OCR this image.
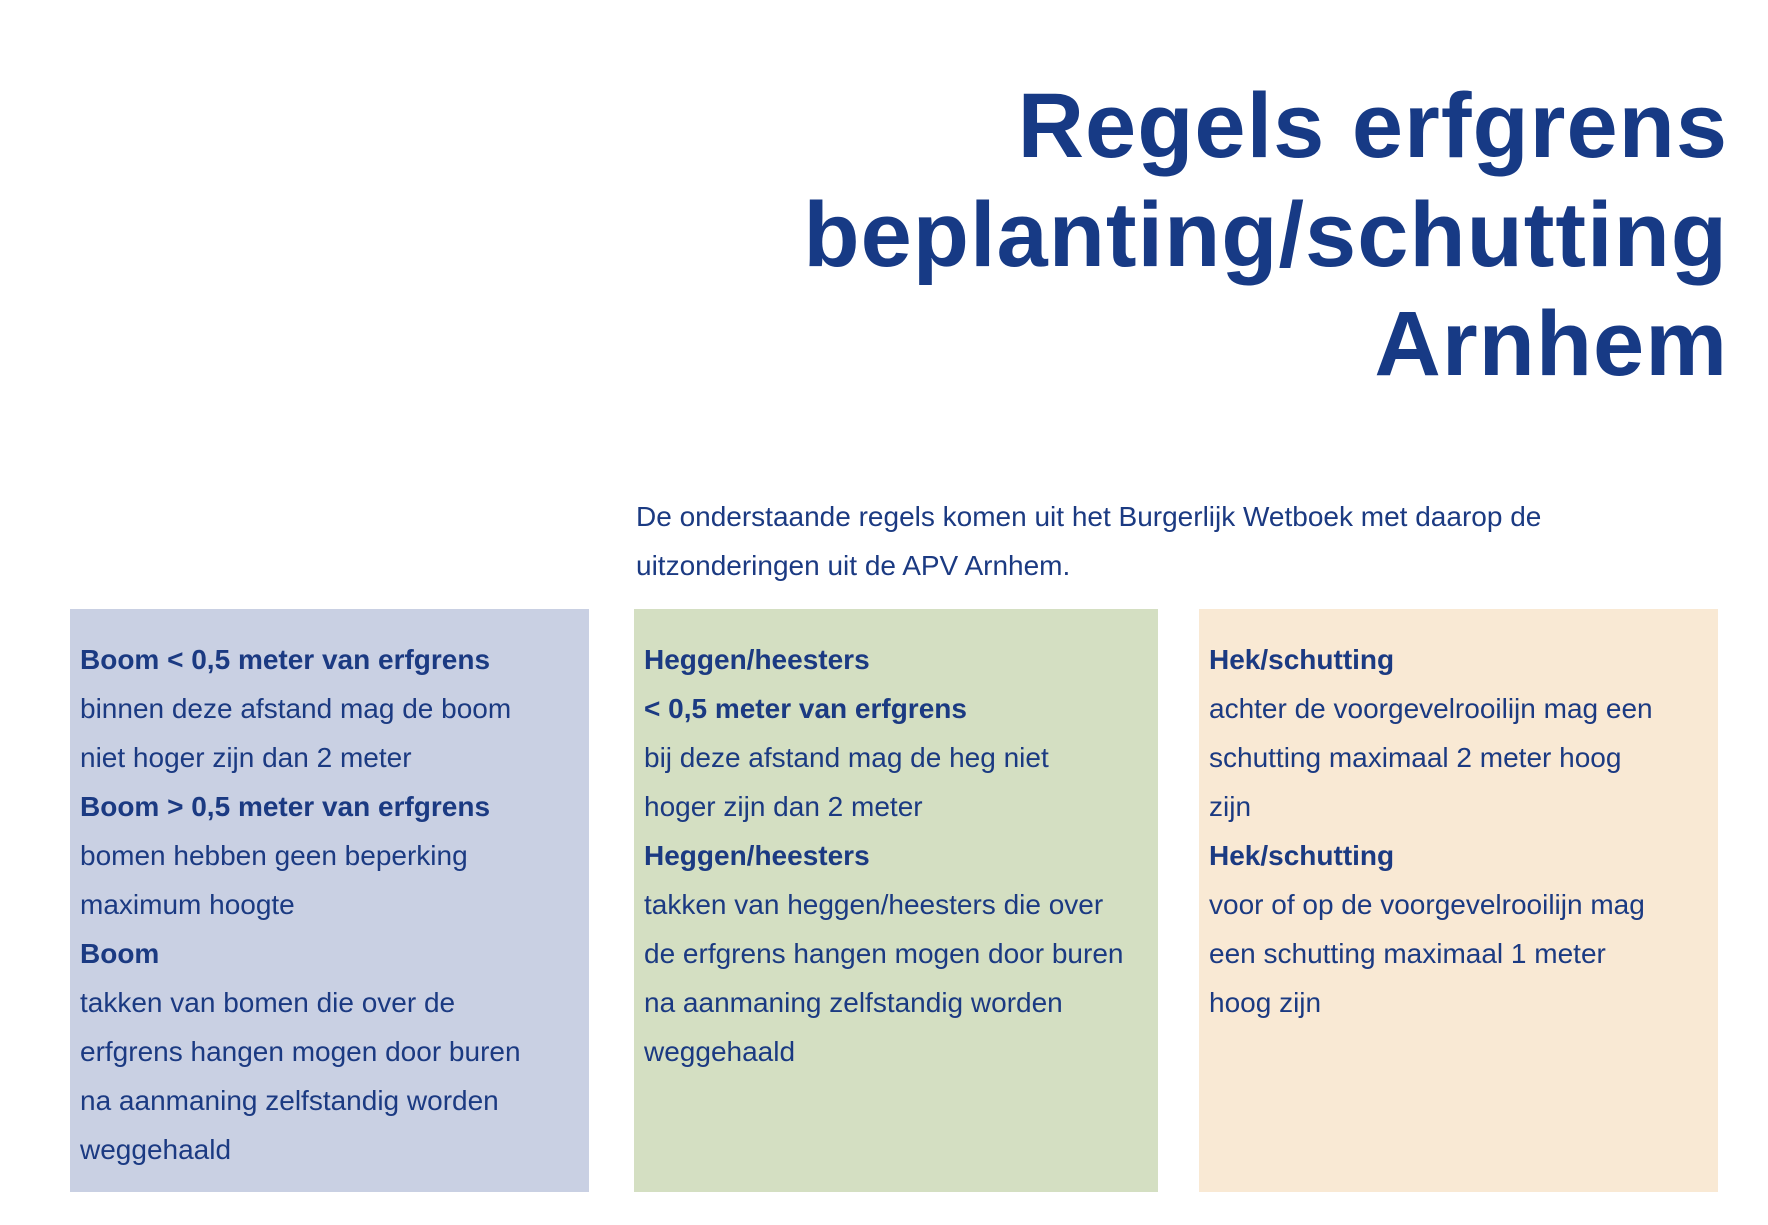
Regels erfgrens
beplanting/schutting
Arnhem
De onderstaande regels komen uit het Burgerlijk Wetboek met daarop de
uitzonderingen uit de APV Arnhem.

Boom < 0,5 meter van erfgrens

binnen deze afstand mag de boom

niet hoger zijn dan 2 meter

Boom > 0,5 meter van erfgrens

bomen hebben geen beperking

maximum hoogte

Boom

takken van bomen die over de

erfgrens hangen mogen door buren

na aanmaning zelfstandig worden

weggehaald

Heggen/heesters

< 0,5 meter van erfgrens

bij deze afstand mag de heg niet

hoger zijn dan 2 meter

Heggen/heesters

takken van heggen/heesters die over

de erfgrens hangen mogen door buren

na aanmaning zelfstandig worden

weggehaald

Hek/schutting

achter de voorgevelrooilijn mag een

schutting maximaal 2 meter hoog

zijn

Hek/schutting

voor of op de voorgevelrooilijn mag

een schutting maximaal 1 meter

hoog zijn
